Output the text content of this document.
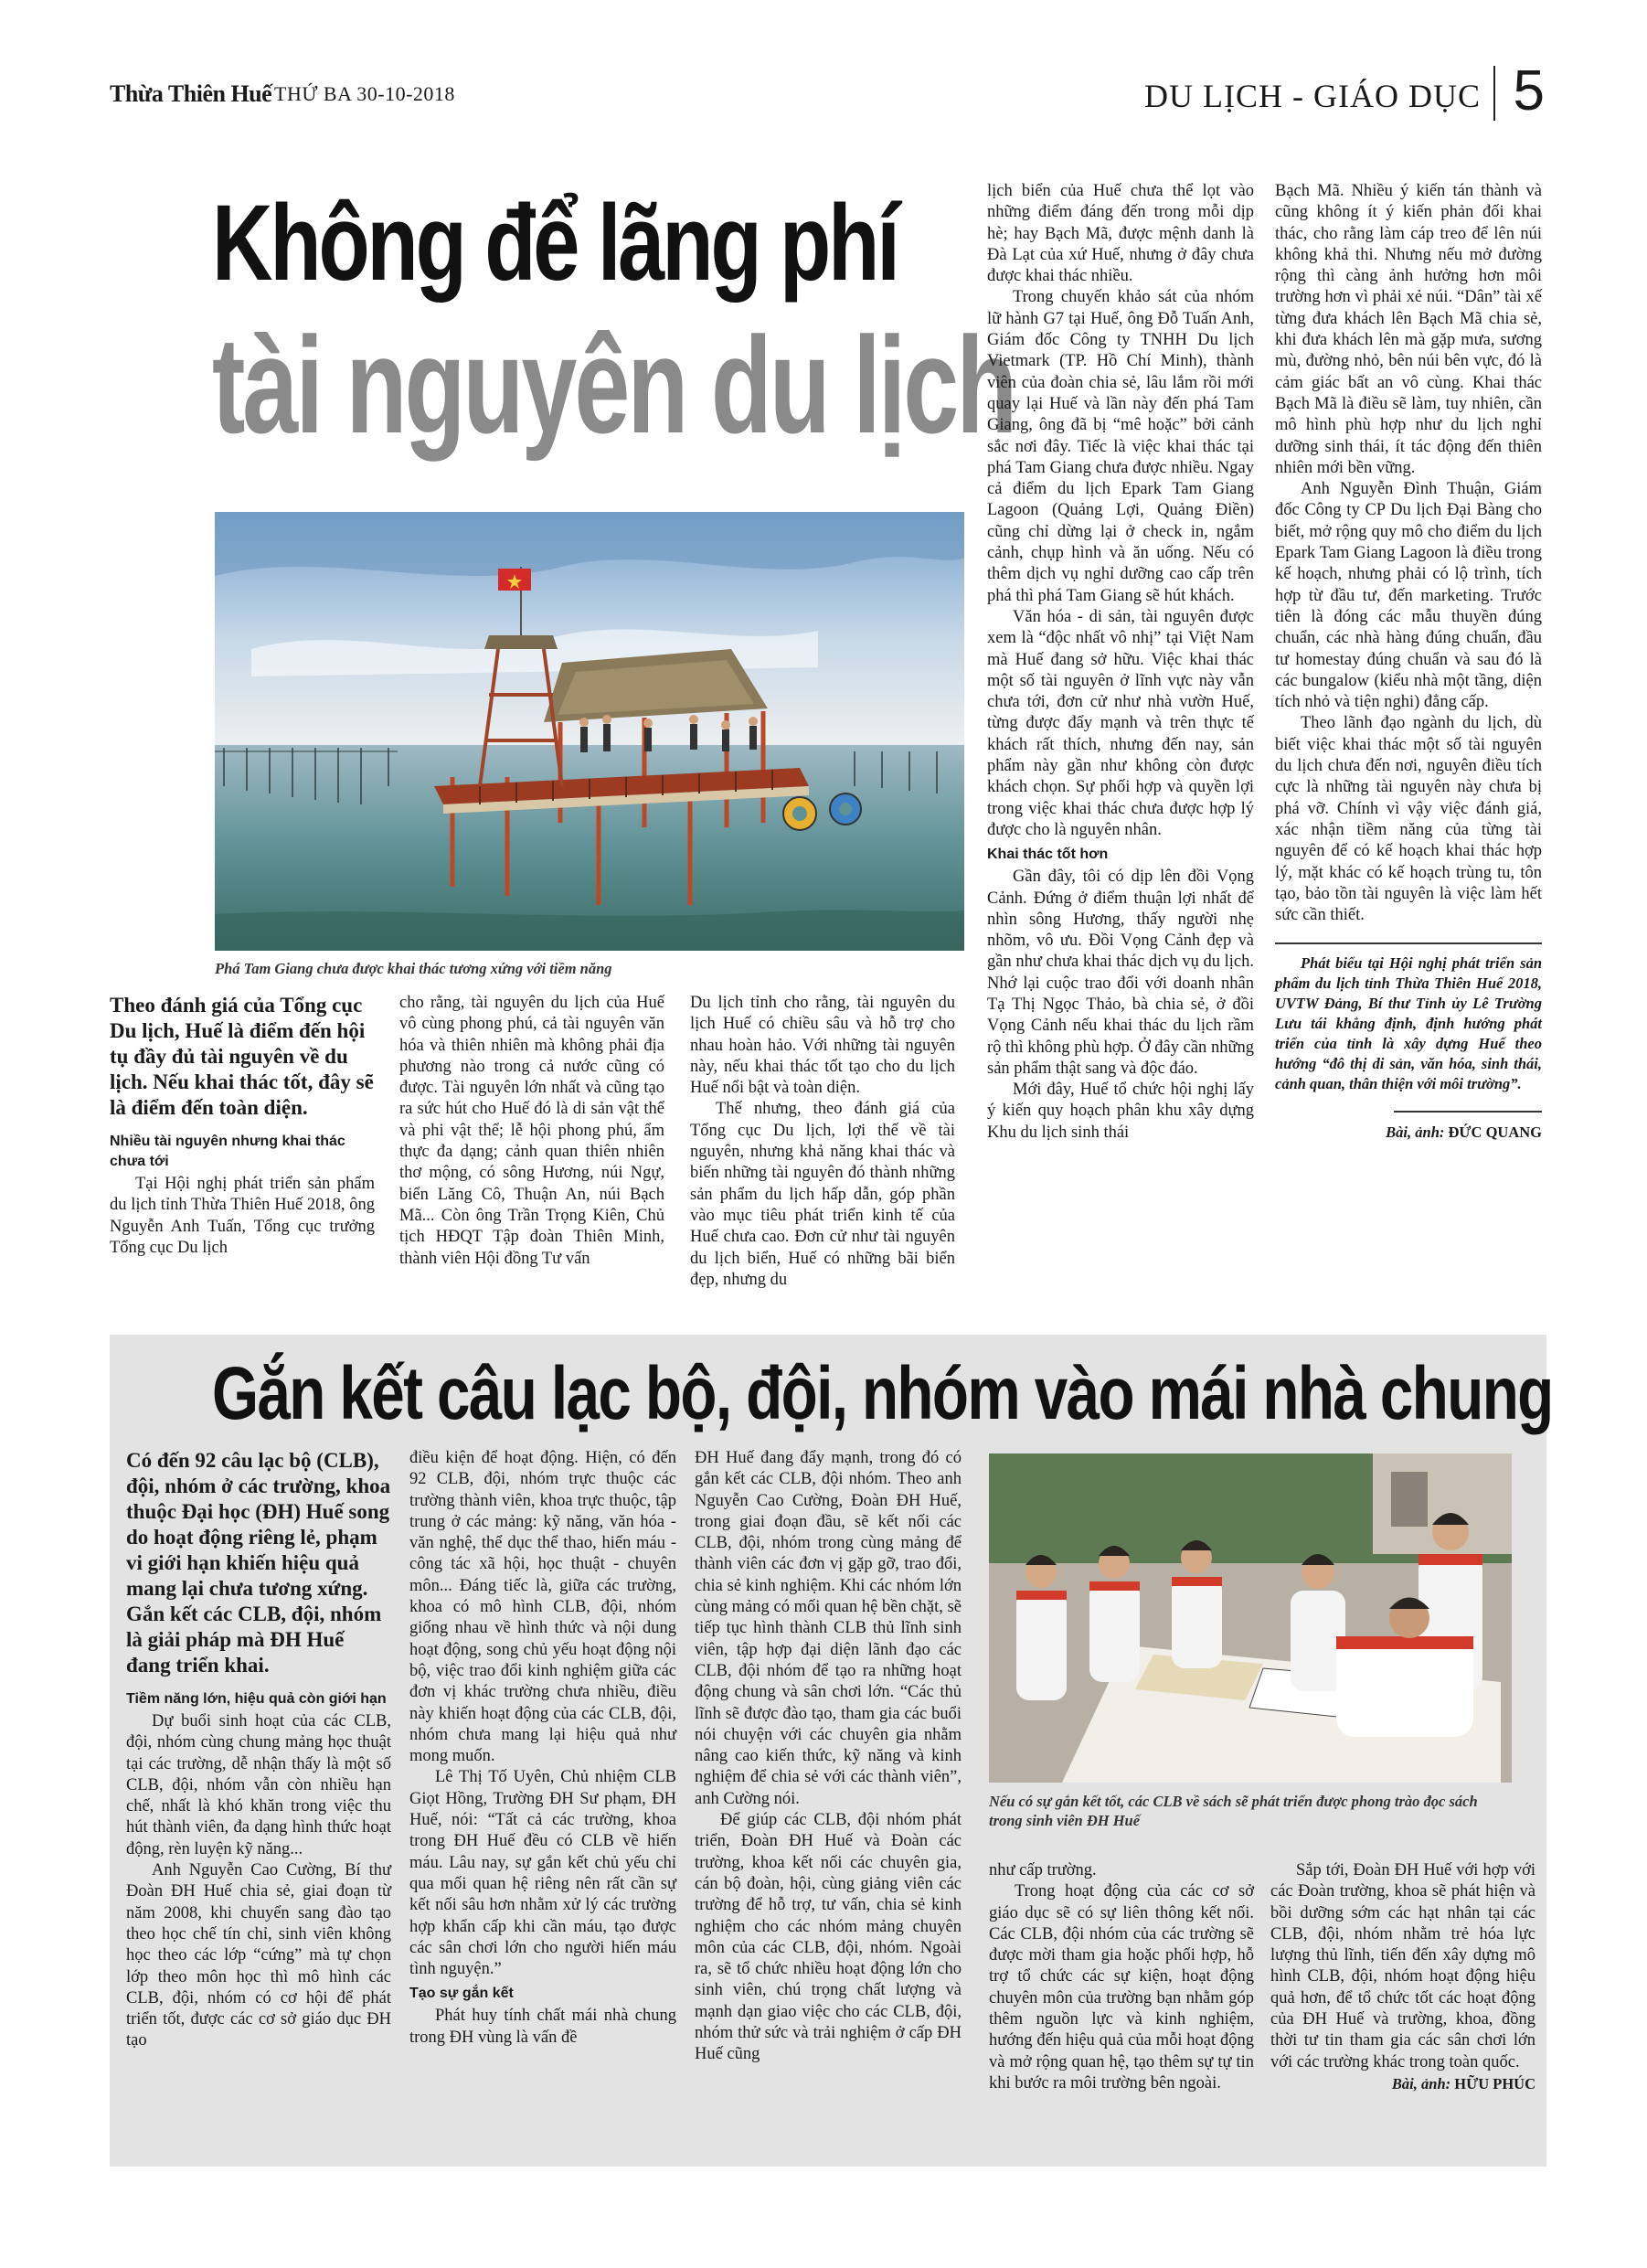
Thừa Thiên Huế THỨ BA 30-10-2018	DU LỊCH - GIÁO DỤC 5
Không để lãng phí
tài nguyên du lịch
Phá Tam Giang chưa được khai thác tương xứng với tiềm năng
Theo đánh giá của Tổng cục Du lịch, Huế là điểm đến hội tụ đầy đủ tài nguyên về du lịch. Nếu khai thác tốt, đây sẽ là điểm đến toàn diện.
Nhiều tài nguyên nhưng khai thác chưa tới

Tại Hội nghị phát triển sản phẩm du lịch tỉnh Thừa Thiên Huế 2018, ông Nguyễn Anh Tuấn, Tổng cục trưởng Tổng cục Du lịch

cho rằng, tài nguyên du lịch của Huế vô cùng phong phú, cả tài nguyên văn hóa và thiên nhiên mà không phải địa phương nào trong cả nước cũng có được. Tài nguyên lớn nhất và cũng tạo ra sức hút cho Huế đó là di sản vật thể và phi vật thể; lễ hội phong phú, ẩm thực đa dạng; cảnh quan thiên nhiên thơ mộng, có sông Hương, núi Ngự, biển Lăng Cô, Thuận An, núi Bạch Mã... Còn ông Trần Trọng Kiên, Chủ tịch HĐQT Tập đoàn Thiên Minh, thành viên Hội đồng Tư vấn

Du lịch tỉnh cho rằng, tài nguyên du lịch Huế có chiều sâu và hỗ trợ cho nhau hoàn hảo. Với những tài nguyên này, nếu khai thác tốt tạo cho du lịch Huế nổi bật và toàn diện.

Thế nhưng, theo đánh giá của Tổng cục Du lịch, lợi thế về tài nguyên, nhưng khả năng khai thác và biến những tài nguyên đó thành những sản phẩm du lịch hấp dẫn, góp phần vào mục tiêu phát triển kinh tế của Huế chưa cao. Đơn cử như tài nguyên du lịch biển, Huế có những bãi biển đẹp, nhưng du

lịch biển của Huế chưa thể lọt vào những điểm đáng đến trong mỗi dịp hè; hay Bạch Mã, được mệnh danh là Đà Lạt của xứ Huế, nhưng ở đây chưa được khai thác nhiều.

Trong chuyến khảo sát của nhóm lữ hành G7 tại Huế, ông Đỗ Tuấn Anh, Giám đốc Công ty TNHH Du lịch Vietmark (TP. Hồ Chí Minh), thành viên của đoàn chia sẻ, lâu lắm rồi mới quay lại Huế và lần này đến phá Tam Giang, ông đã bị “mê hoặc” bởi cảnh sắc nơi đây. Tiếc là việc khai thác tại phá Tam Giang chưa được nhiều. Ngay cả điểm du lịch Epark Tam Giang Lagoon (Quảng Lợi, Quảng Điền) cũng chỉ dừng lại ở check in, ngắm cảnh, chụp hình và ăn uống. Nếu có thêm dịch vụ nghỉ dưỡng cao cấp trên phá thì phá Tam Giang sẽ hút khách.

Văn hóa - di sản, tài nguyên được xem là “độc nhất vô nhị” tại Việt Nam mà Huế đang sở hữu. Việc khai thác một số tài nguyên ở lĩnh vực này vẫn chưa tới, đơn cử như nhà vườn Huế, từng được đẩy mạnh và trên thực tế khách rất thích, nhưng đến nay, sản phẩm này gần như không còn được khách chọn. Sự phối hợp và quyền lợi trong việc khai thác chưa được hợp lý được cho là nguyên nhân.

Khai thác tốt hơn

Gần đây, tôi có dịp lên đồi Vọng Cảnh. Đứng ở điểm thuận lợi nhất để nhìn sông Hương, thấy người nhẹ nhõm, vô ưu. Đồi Vọng Cảnh đẹp và gần như chưa khai thác dịch vụ du lịch. Nhớ lại cuộc trao đổi với doanh nhân Tạ Thị Ngọc Thảo, bà chia sẻ, ở đồi Vọng Cảnh nếu khai thác du lịch rầm rộ thì không phù hợp. Ở đây cần những sản phẩm thật sang và độc đáo.

Mới đây, Huế tổ chức hội nghị lấy ý kiến quy hoạch phân khu xây dựng Khu du lịch sinh thái

Bạch Mã. Nhiều ý kiến tán thành và cũng không ít ý kiến phản đối khai thác, cho rằng làm cáp treo để lên núi không khả thi. Nhưng nếu mở đường rộng thì càng ảnh hưởng hơn môi trường hơn vì phải xẻ núi. “Dân” tài xế từng đưa khách lên Bạch Mã chia sẻ, khi đưa khách lên mà gặp mưa, sương mù, đường nhỏ, bên núi bên vực, đó là cảm giác bất an vô cùng. Khai thác Bạch Mã là điều sẽ làm, tuy nhiên, cần mô hình phù hợp như du lịch nghỉ dưỡng sinh thái, ít tác động đến thiên nhiên mới bền vững.

Anh Nguyễn Đình Thuận, Giám đốc Công ty CP Du lịch Đại Bàng cho biết, mở rộng quy mô cho điểm du lịch Epark Tam Giang Lagoon là điều trong kế hoạch, nhưng phải có lộ trình, tích hợp từ đầu tư, đến marketing. Trước tiên là đóng các mẫu thuyền đúng chuẩn, các nhà hàng đúng chuẩn, đầu tư homestay đúng chuẩn và sau đó là các bungalow (kiểu nhà một tầng, diện tích nhỏ và tiện nghi) đẳng cấp.

Theo lãnh đạo ngành du lịch, dù biết việc khai thác một số tài nguyên du lịch chưa đến nơi, nguyên điều tích cực là những tài nguyên này chưa bị phá vỡ. Chính vì vậy việc đánh giá, xác nhận tiềm năng của từng tài nguyên để có kế hoạch khai thác hợp lý, mặt khác có kế hoạch trùng tu, tôn tạo, bảo tồn tài nguyên là việc làm hết sức cần thiết.

Phát biểu tại Hội nghị phát triển sản phẩm du lịch tỉnh Thừa Thiên Huế 2018, UVTW Đảng, Bí thư Tỉnh ủy Lê Trường Lưu tái khẳng định, định hướng phát triển của tỉnh là xây dựng Huế theo hướng “đô thị di sản, văn hóa, sinh thái, cảnh quan, thân thiện với môi trường”.

Bài, ảnh: ĐỨC QUANG
Gắn kết câu lạc bộ, đội, nhóm vào mái nhà chung
Có đến 92 câu lạc bộ (CLB), đội, nhóm ở các trường, khoa thuộc Đại học (ĐH) Huế song do hoạt động riêng lẻ, phạm vi giới hạn khiến hiệu quả mang lại chưa tương xứng. Gắn kết các CLB, đội, nhóm là giải pháp mà ĐH Huế đang triển khai.
Tiềm năng lớn, hiệu quả còn giới hạn

Dự buổi sinh hoạt của các CLB, đội, nhóm cùng chung mảng học thuật tại các trường, dễ nhận thấy là một số CLB, đội, nhóm vẫn còn nhiều hạn chế, nhất là khó khăn trong việc thu hút thành viên, đa dạng hình thức hoạt động, rèn luyện kỹ năng...

Anh Nguyễn Cao Cường, Bí thư Đoàn ĐH Huế chia sẻ, giai đoạn từ năm 2008, khi chuyển sang đào tạo theo học chế tín chỉ, sinh viên không học theo các lớp “cứng” mà tự chọn lớp theo môn học thì mô hình các CLB, đội, nhóm có cơ hội để phát triển tốt, được các cơ sở giáo dục ĐH tạo

điều kiện để hoạt động. Hiện, có đến 92 CLB, đội, nhóm trực thuộc các trường thành viên, khoa trực thuộc, tập trung ở các mảng: kỹ năng, văn hóa - văn nghệ, thể dục thể thao, hiến máu - công tác xã hội, học thuật - chuyên môn... Đáng tiếc là, giữa các trường, khoa có mô hình CLB, đội, nhóm giống nhau về hình thức và nội dung hoạt động, song chủ yếu hoạt động nội bộ, việc trao đổi kinh nghiệm giữa các đơn vị khác trường chưa nhiều, điều này khiến hoạt động của các CLB, đội, nhóm chưa mang lại hiệu quả như mong muốn.

Lê Thị Tố Uyên, Chủ nhiệm CLB Giọt Hồng, Trường ĐH Sư phạm, ĐH Huế, nói: “Tất cả các trường, khoa trong ĐH Huế đều có CLB về hiến máu. Lâu nay, sự gắn kết chủ yếu chỉ qua mối quan hệ riêng nên rất cần sự kết nối sâu hơn nhằm xử lý các trường hợp khẩn cấp khi cần máu, tạo được các sân chơi lớn cho người hiến máu tình nguyện.”

Tạo sự gắn kết

Phát huy tính chất mái nhà chung trong ĐH vùng là vấn đề

ĐH Huế đang đẩy mạnh, trong đó có gắn kết các CLB, đội nhóm. Theo anh Nguyễn Cao Cường, Đoàn ĐH Huế, trong giai đoạn đầu, sẽ kết nối các CLB, đội, nhóm trong cùng mảng để thành viên các đơn vị gặp gỡ, trao đổi, chia sẻ kinh nghiệm. Khi các nhóm lớn cùng mảng có mối quan hệ bền chặt, sẽ tiếp tục hình thành CLB thủ lĩnh sinh viên, tập hợp đại diện lãnh đạo các CLB, đội nhóm để tạo ra những hoạt động chung và sân chơi lớn. “Các thủ lĩnh sẽ được đào tạo, tham gia các buổi nói chuyện với các chuyên gia nhằm nâng cao kiến thức, kỹ năng và kinh nghiệm để chia sẻ với các thành viên”, anh Cường nói.

Để giúp các CLB, đội nhóm phát triển, Đoàn ĐH Huế và Đoàn các trường, khoa kết nối các chuyên gia, cán bộ đoàn, hội, cùng giảng viên các trường để hỗ trợ, tư vấn, chia sẻ kinh nghiệm cho các nhóm mảng chuyên môn của các CLB, đội, nhóm. Ngoài ra, sẽ tổ chức nhiều hoạt động lớn cho sinh viên, chú trọng chất lượng và mạnh dạn giao việc cho các CLB, đội, nhóm thử sức và trải nghiệm ở cấp ĐH Huế cũng

Nếu có sự gắn kết tốt, các CLB về sách sẽ phát triển được phong trào đọc sách trong sinh viên ĐH Huế

như cấp trường.

Trong hoạt động của các cơ sở giáo dục sẽ có sự liên thông kết nối. Các CLB, đội nhóm của các trường sẽ được mời tham gia hoặc phối hợp, hỗ trợ tổ chức các sự kiện, hoạt động chuyên môn của trường bạn nhằm góp thêm nguồn lực và kinh nghiệm, hướng đến hiệu quả của mỗi hoạt động và mở rộng quan hệ, tạo thêm sự tự tin khi bước ra môi trường bên ngoài.

Sắp tới, Đoàn ĐH Huế với hợp với các Đoàn trường, khoa sẽ phát hiện và bồi dưỡng sớm các hạt nhân tại các CLB, đội, nhóm nhằm trẻ hóa lực lượng thủ lĩnh, tiến đến xây dựng mô hình CLB, đội, nhóm hoạt động hiệu quả hơn, để tổ chức tốt các hoạt động của ĐH Huế và trường, khoa, đồng thời tư tin tham gia các sân chơi lớn với các trường khác trong toàn quốc.

Bài, ảnh: HỮU PHÚC
